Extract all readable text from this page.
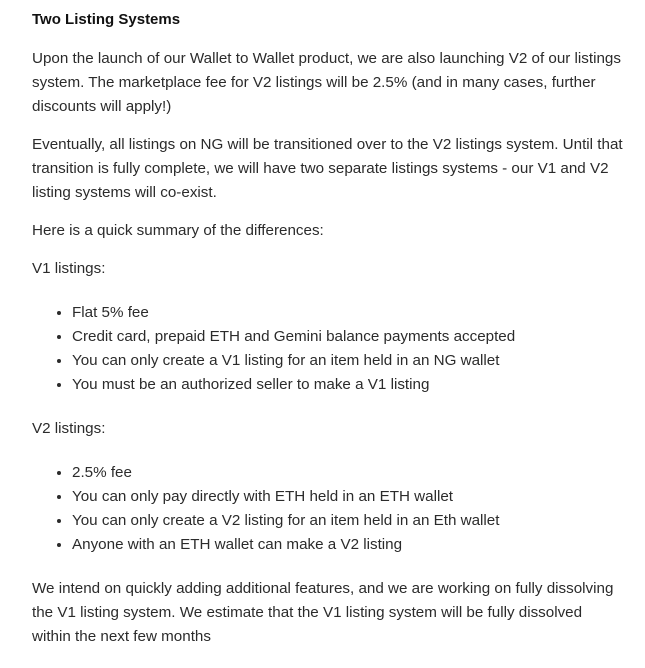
Two Listing Systems

Upon the launch of our Wallet to Wallet product, we are also launching V2 of our listings system. The marketplace fee for V2 listings will be 2.5% (and in many cases, further discounts will apply!)

Eventually, all listings on NG will be transitioned over to the V2 listings system. Until that transition is fully complete, we will have two separate listings systems - our V1 and V2 listing systems will co-exist.

Here is a quick summary of the differences:

V1 listings:

• Flat 5% fee
• Credit card, prepaid ETH and Gemini balance payments accepted
• You can only create a V1 listing for an item held in an NG wallet
• You must be an authorized seller to make a V1 listing

V2 listings:

• 2.5% fee
• You can only pay directly with ETH held in an ETH wallet
• You can only create a V2 listing for an item held in an Eth wallet
• Anyone with an ETH wallet can make a V2 listing

We intend on quickly adding additional features, and we are working on fully dissolving the V1 listing system. We estimate that the V1 listing system will be fully dissolved within the next few months
